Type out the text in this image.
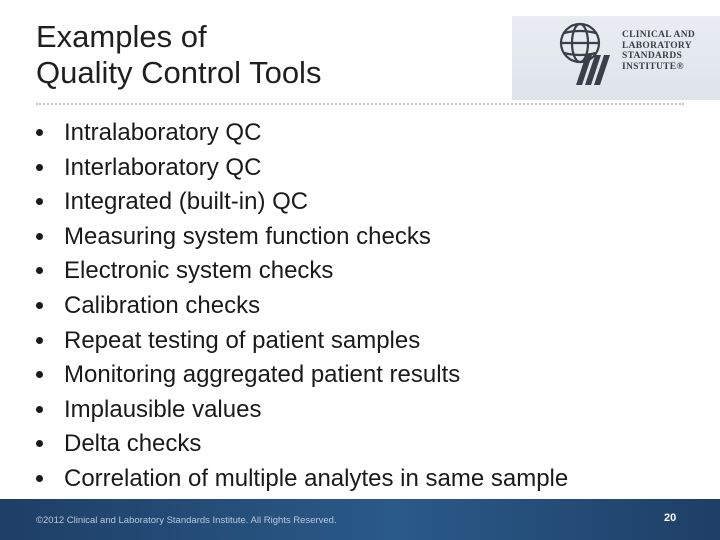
Examples of
Quality Control Tools
CLINICAL AND
LABORATORY
STANDARDS
INSTITUTE®
Intralaboratory QC
Interlaboratory QC
Integrated (built-in) QC
Measuring system function checks
Electronic system checks
Calibration checks
Repeat testing of patient samples
Monitoring aggregated patient results
Implausible values
Delta checks
Correlation of multiple analytes in same sample
©2012 Clinical and Laboratory Standards Institute. All Rights Reserved.	20
